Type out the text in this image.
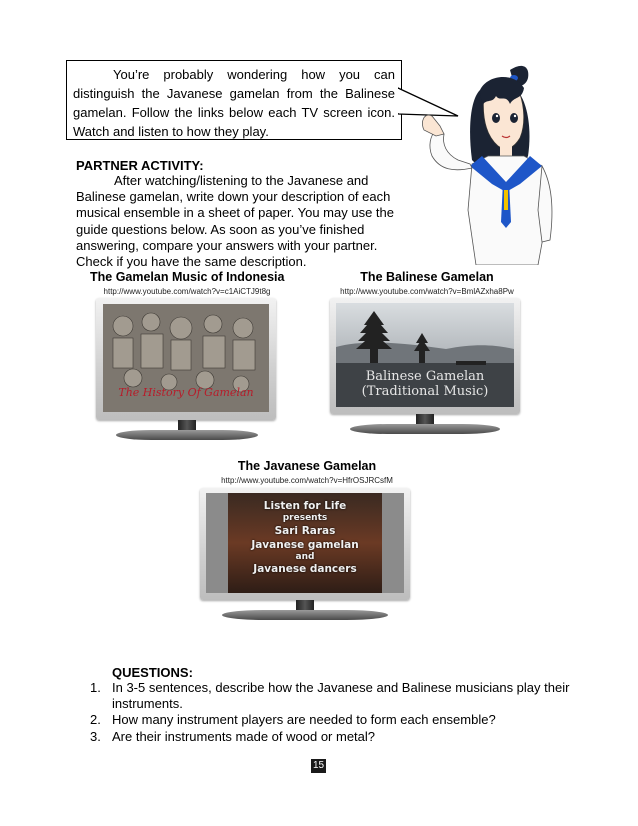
You’re probably wondering how you can distinguish the Javanese gamelan from the Balinese gamelan. Follow the links below each TV screen icon. Watch and listen to how they play.

PARTNER ACTIVITY:

After watching/listening to the Javanese and Balinese gamelan, write down your description of each musical ensemble in a sheet of paper. You may use the guide questions below. As soon as you’ve finished answering, compare your answers with your partner. Check if you have the same description.

The Gamelan Music of Indonesia
http://www.youtube.com/watch?v=c1AiCTJ9t8g
The History Of Gamelan
The Balinese Gamelan
http://www.youtube.com/watch?v=BmlAZxha8Pw
Balinese Gamelan
(Traditional Music)
The Javanese Gamelan
http://www.youtube.com/watch?v=HfrOSJRCsfM
Listen for Life
presents
Sari Raras
Javanese gamelan
and
Javanese dancers
QUESTIONS:
1. In 3-5 sentences, describe how the Javanese and Balinese musicians play their instruments.
2. How many instrument players are needed to form each ensemble?
3. Are their instruments made of wood or metal?
15
